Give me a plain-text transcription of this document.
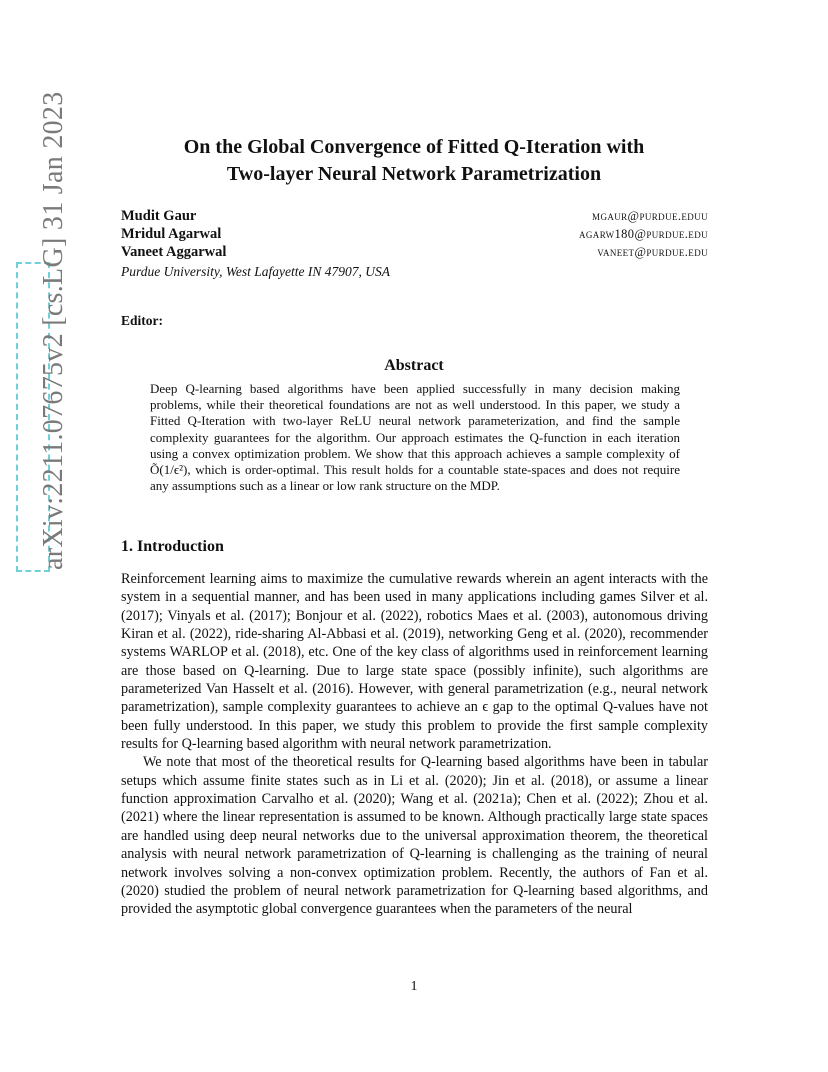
arXiv:2211.07675v2 [cs.LG] 31 Jan 2023	On the Global Convergence of Fitted Q-Iteration with
Two-layer Neural Network Parametrization
Mudit Gaur	mgaur@purdue.eduu
Mridul Agarwal	agarw180@purdue.edu
Vaneet Aggarwal	vaneet@purdue.edu
Purdue University, West Lafayette IN 47907, USA
Editor:
Abstract
Deep Q-learning based algorithms have been applied successfully in many decision making problems, while their theoretical foundations are not as well understood. In this paper, we study a Fitted Q-Iteration with two-layer ReLU neural network parameterization, and find the sample complexity guarantees for the algorithm. Our approach estimates the Q-function in each iteration using a convex optimization problem. We show that this approach achieves a sample complexity of Õ(1/ϵ²), which is order-optimal. This result holds for a countable state-spaces and does not require any assumptions such as a linear or low rank structure on the MDP.
1. Introduction

Reinforcement learning aims to maximize the cumulative rewards wherein an agent interacts with the system in a sequential manner, and has been used in many applications including games Silver et al. (2017); Vinyals et al. (2017); Bonjour et al. (2022), robotics Maes et al. (2003), autonomous driving Kiran et al. (2022), ride-sharing Al-Abbasi et al. (2019), networking Geng et al. (2020), recommender systems WARLOP et al. (2018), etc. One of the key class of algorithms used in reinforcement learning are those based on Q-learning. Due to large state space (possibly infinite), such algorithms are parameterized Van Hasselt et al. (2016). However, with general parametrization (e.g., neural network parametrization), sample complexity guarantees to achieve an ϵ gap to the optimal Q-values have not been fully understood. In this paper, we study this problem to provide the first sample complexity results for Q-learning based algorithm with neural network parametrization.

We note that most of the theoretical results for Q-learning based algorithms have been in tabular setups which assume finite states such as in Li et al. (2020); Jin et al. (2018), or assume a linear function approximation Carvalho et al. (2020); Wang et al. (2021a); Chen et al. (2022); Zhou et al. (2021) where the linear representation is assumed to be known. Although practically large state spaces are handled using deep neural networks due to the universal approximation theorem, the theoretical analysis with neural network parametrization of Q-learning is challenging as the training of neural network involves solving a non-convex optimization problem. Recently, the authors of Fan et al. (2020) studied the problem of neural network parametrization for Q-learning based algorithms, and provided the asymptotic global convergence guarantees when the parameters of the neural

1
